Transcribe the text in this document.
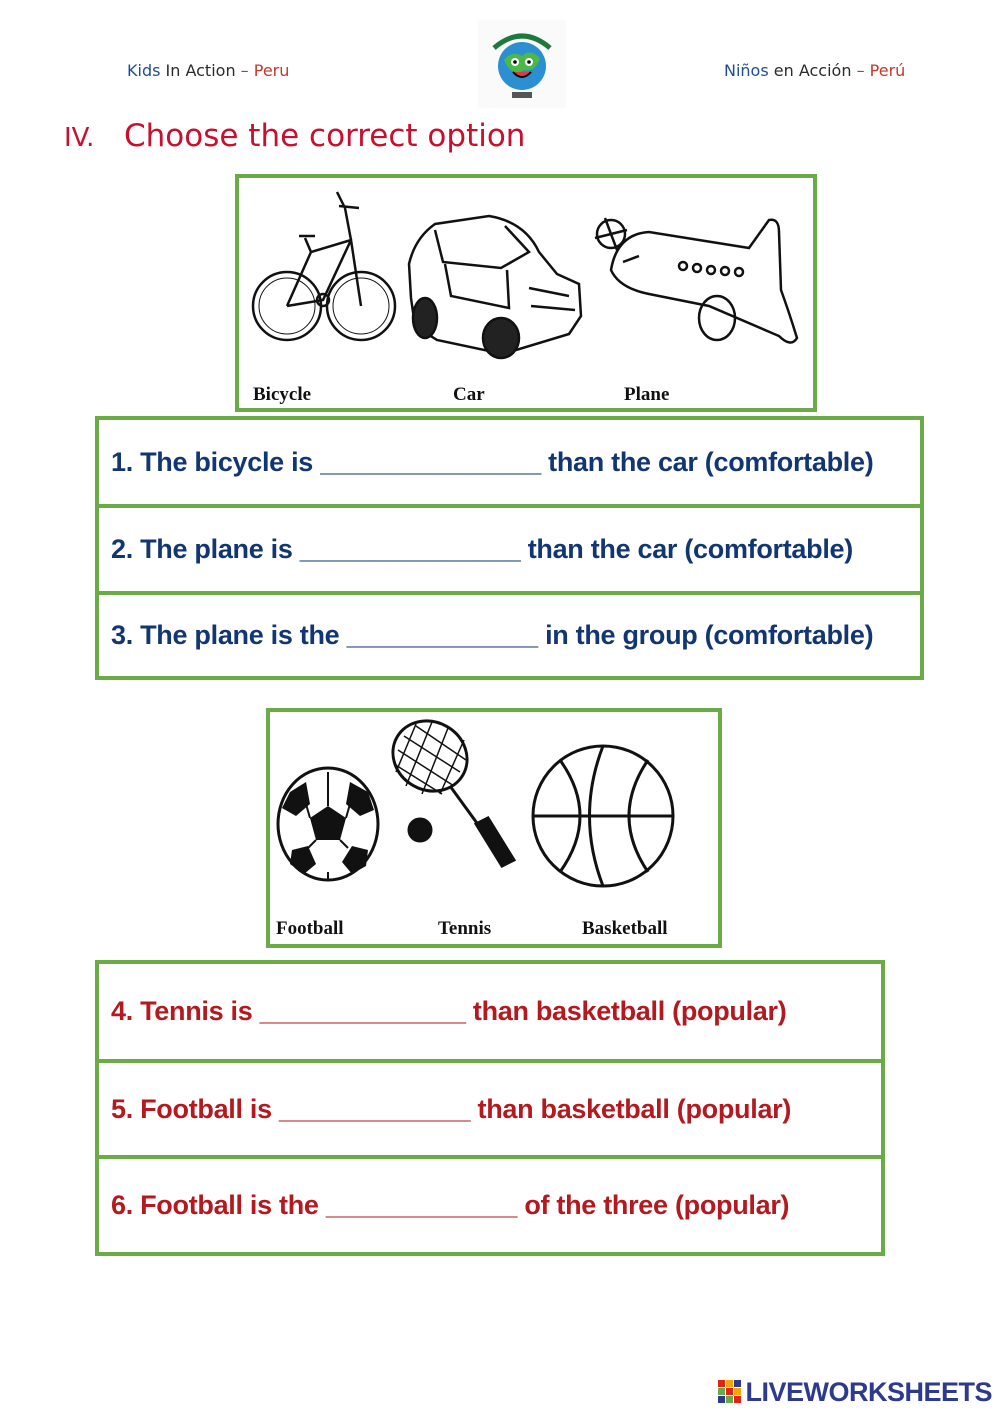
Kids In Action – Peru	Niños en Acción – Perú
IV. Choose the correct option
Bicycle	Car	Plane
1. The bicycle is _______________ than the car (comfortable)
2. The plane is _______________ than the car (comfortable)
3. The plane is the _____________ in the group (comfortable)
Football	Tennis	Basketball
4. Tennis is ______________ than basketball (popular)
5. Football is _____________ than basketball (popular)
6. Football is the _____________ of the three (popular)
LIVEWORKSHEETS
